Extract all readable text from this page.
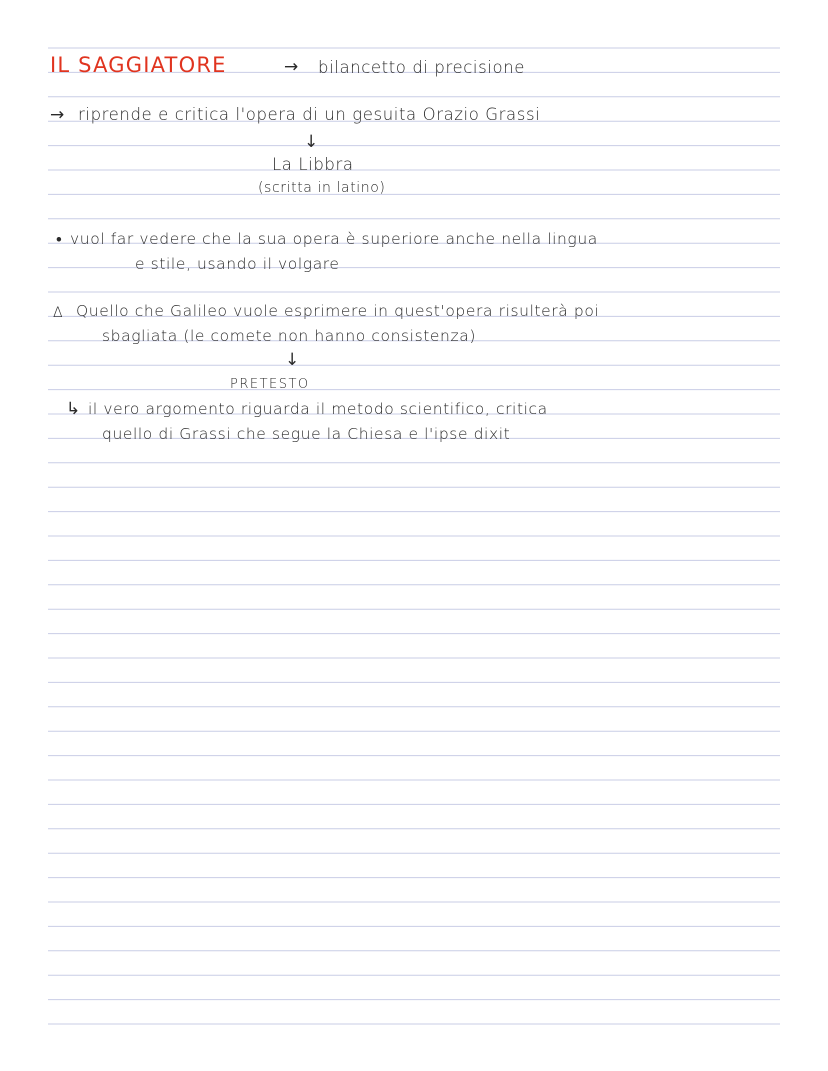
IL SAGGIATORE	→ bilancetto di precisione
→ riprende e critica l'opera di un gesuita Orazio Grassi
↓
La Libbra
(scritta in latino)
• vuol far vedere che la sua opera è superiore anche nella lingua
e stile, usando il volgare
Δ Quello che Galileo vuole esprimere in quest'opera risulterà poi
sbagliata (le comete non hanno consistenza)
↓
PRETESTO
↳ il vero argomento riguarda il metodo scientifico, critica
quello di Grassi che segue la Chiesa e l'ipse dixit
